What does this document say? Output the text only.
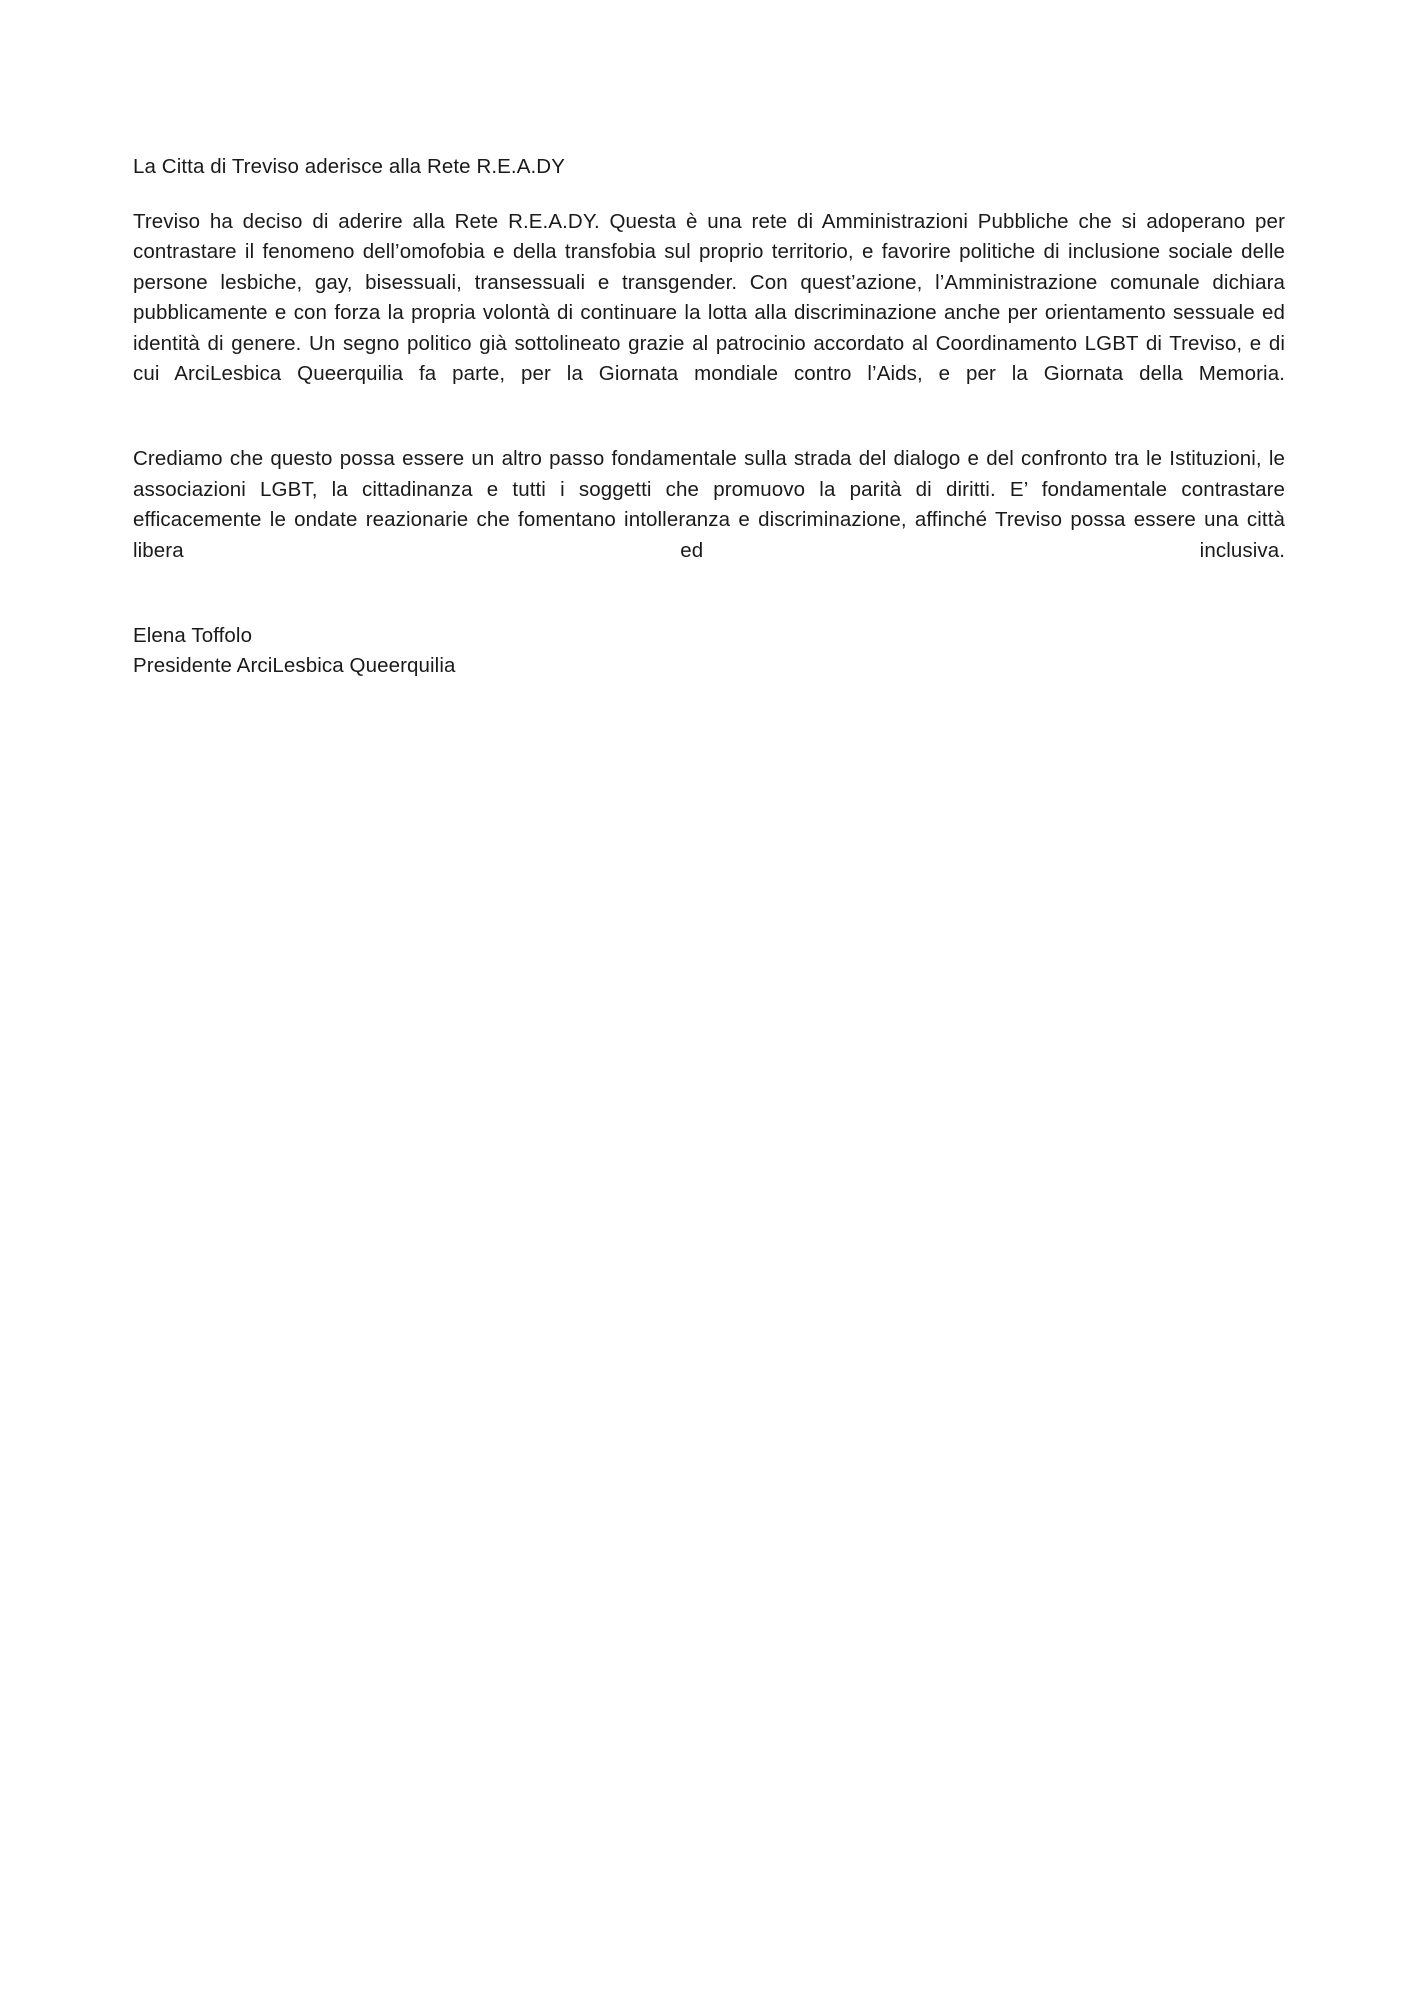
La Citta di Treviso aderisce alla Rete R.E.A.DY

Treviso ha deciso di aderire alla Rete R.E.A.DY. Questa è una rete di Amministrazioni Pubbliche che si adoperano per contrastare il fenomeno dell’omofobia e della transfobia sul proprio territorio, e favorire politiche di inclusione sociale delle persone lesbiche, gay, bisessuali, transessuali e transgender. Con quest’azione, l’Amministrazione comunale dichiara pubblicamente e con forza la propria volontà di continuare la lotta alla discriminazione anche per orientamento sessuale ed identità di genere. Un segno politico già sottolineato grazie al patrocinio accordato al Coordinamento LGBT di Treviso, e di cui ArciLesbica Queerquilia fa parte, per la Giornata mondiale contro l’Aids, e per la Giornata della Memoria.

Crediamo che questo possa essere un altro passo fondamentale sulla strada del dialogo e del confronto tra le Istituzioni, le associazioni LGBT, la cittadinanza e tutti i soggetti che promuovo la parità di diritti. E’ fondamentale contrastare efficacemente le ondate reazionarie che fomentano intolleranza e discriminazione, affinché Treviso possa essere una città libera ed inclusiva.

Elena Toffolo

Presidente ArciLesbica Queerquilia
